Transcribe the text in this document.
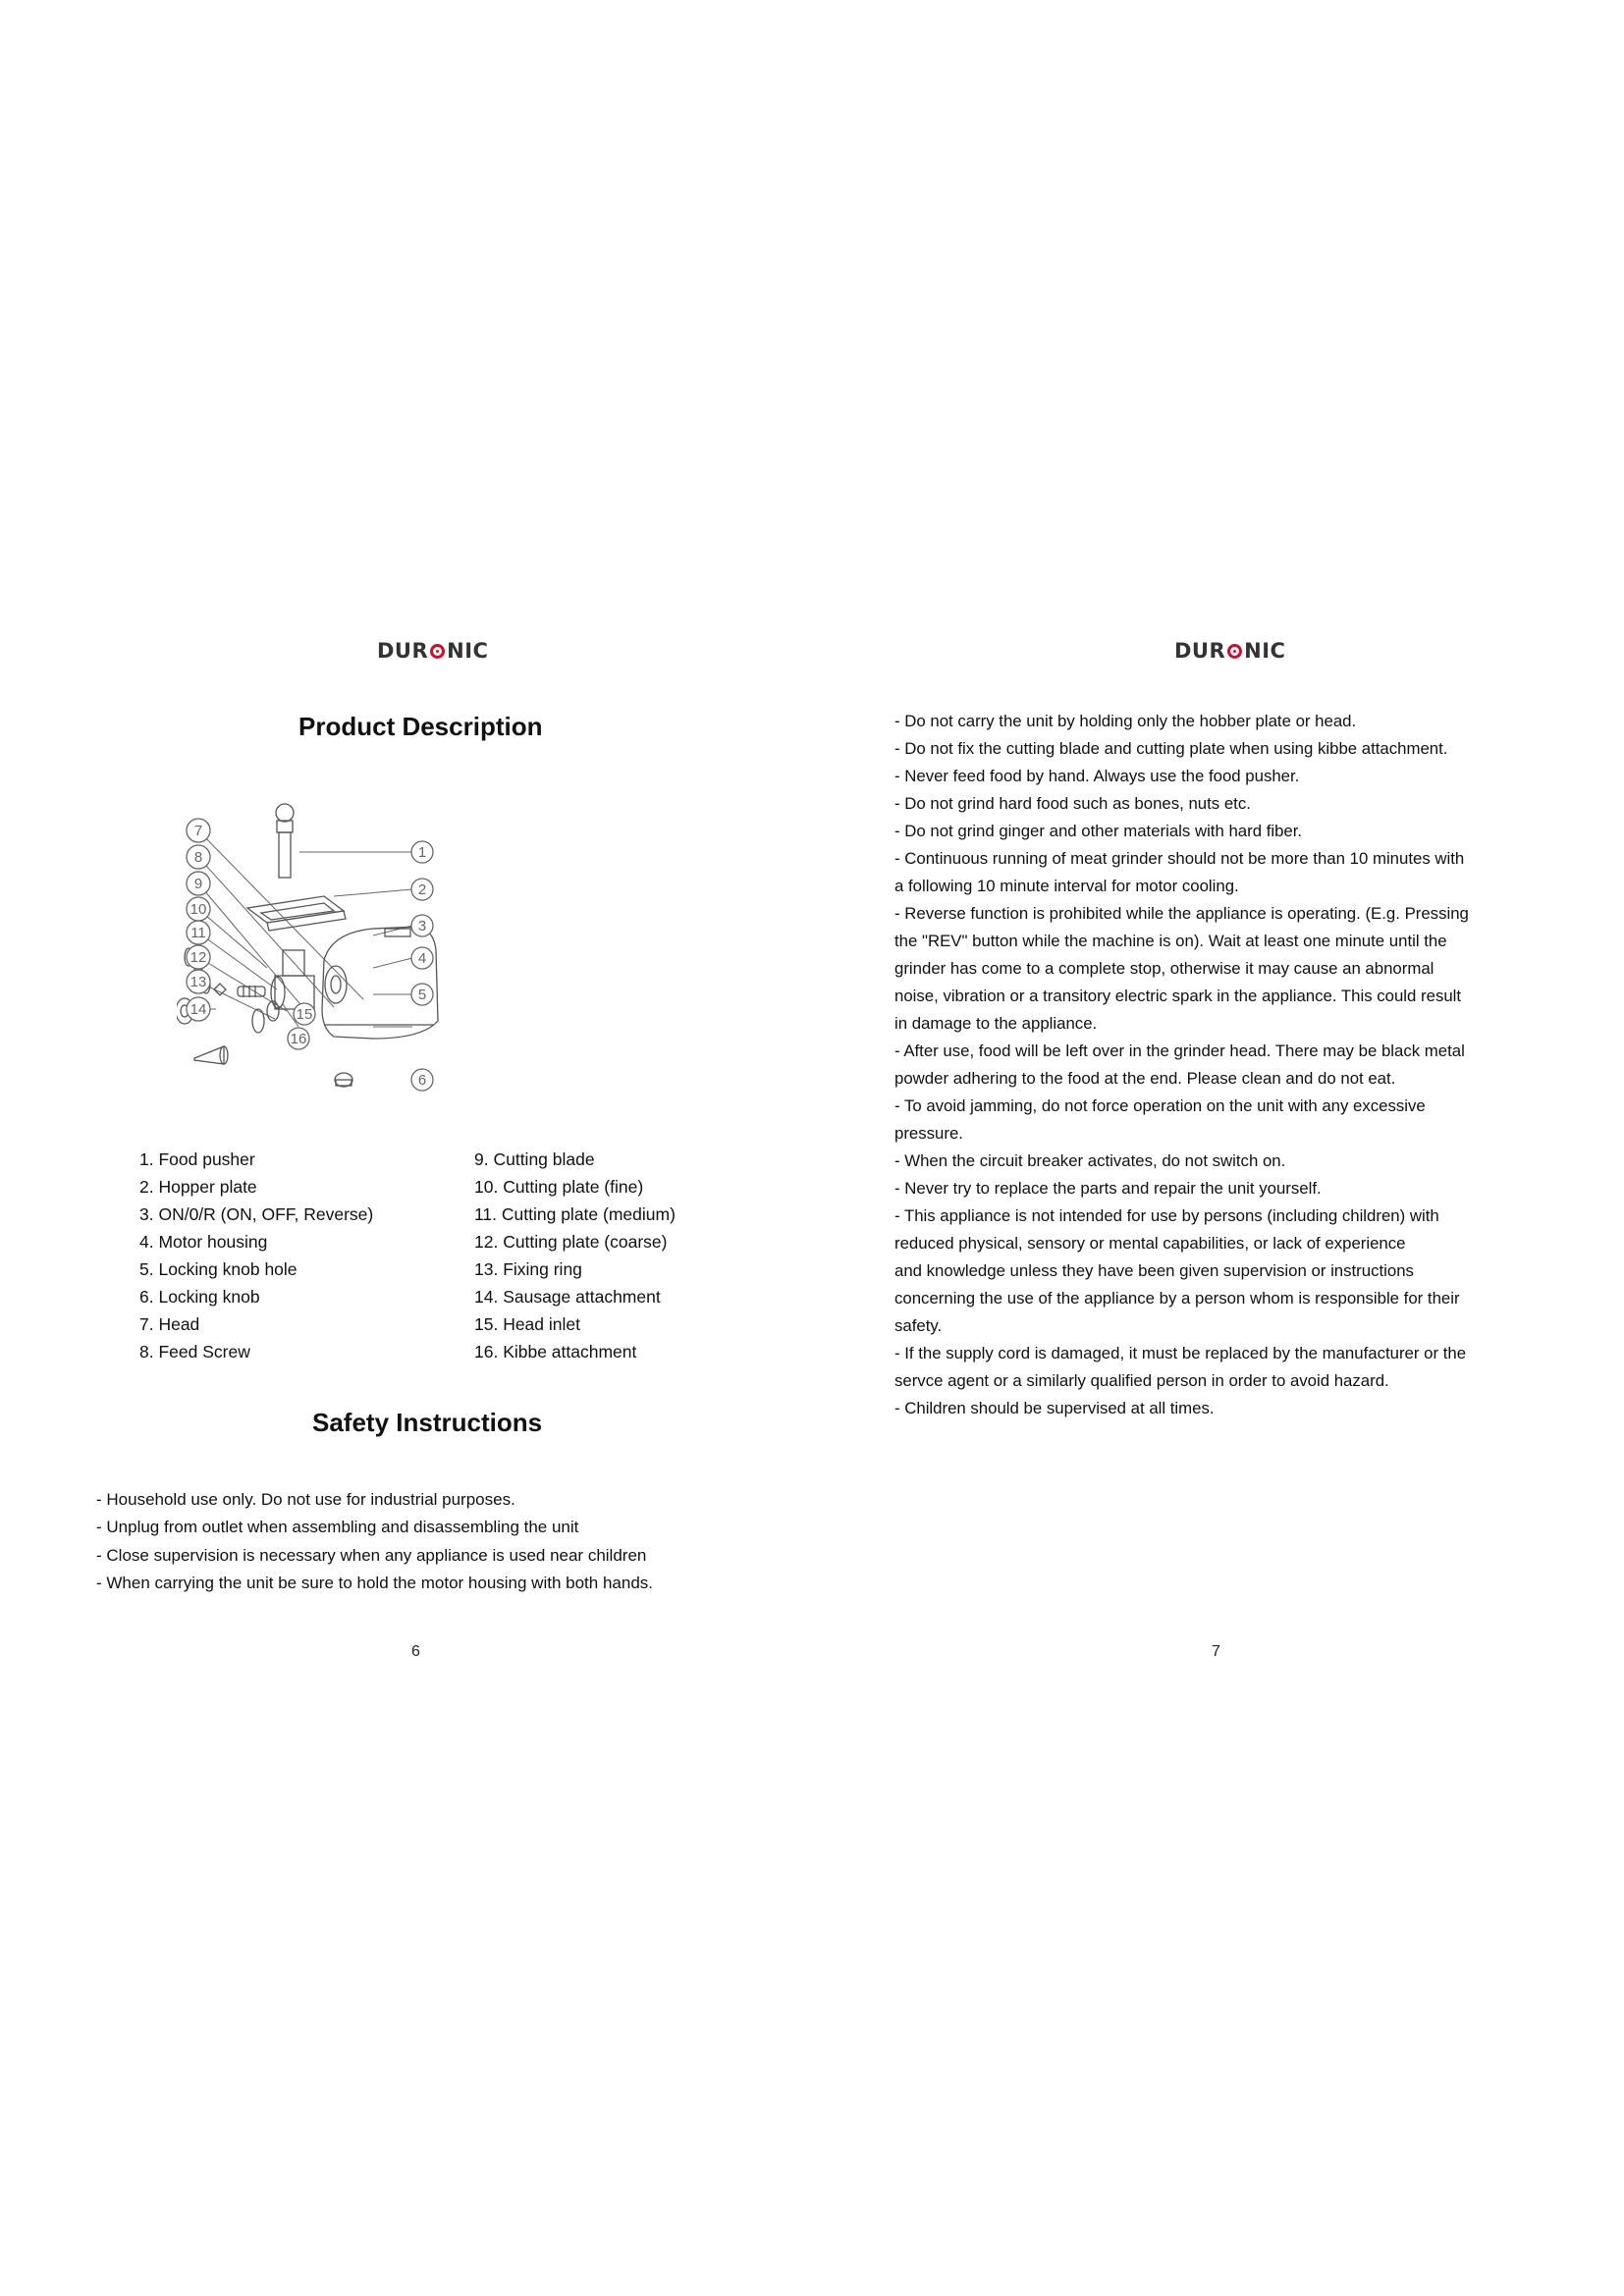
DUR NIC
Product Description
7
8
9
10
11
12
13
14
1
2
3
4
5
6
15
16
1. Food pusher
2. Hopper plate
3. ON/0/R (ON, OFF, Reverse)
4. Motor housing
5. Locking knob hole
6. Locking knob
7. Head
8. Feed Screw
9. Cutting blade
10. Cutting plate (fine)
11. Cutting plate (medium)
12. Cutting plate (coarse)
13. Fixing ring
14. Sausage attachment
15. Head inlet
16. Kibbe attachment
Safety Instructions
- Household use only. Do not use for industrial purposes.
- Unplug from outlet when assembling and disassembling the unit
- Close supervision is necessary when any appliance is used near children
- When carrying the unit be sure to hold the motor housing with both hands.
6
DUR NIC

- Do not carry the unit by holding only the hobber plate or head.

- Do not fix the cutting blade and cutting plate when using kibbe attachment.

- Never feed food by hand. Always use the food pusher.

- Do not grind hard food such as bones, nuts etc.

- Do not grind ginger and other materials with hard fiber.

- Continuous running of meat grinder should not be more than 10 minutes with

a following 10 minute interval for motor cooling.

- Reverse function is prohibited while the appliance is operating. (E.g. Pressing

the "REV" button while the machine is on). Wait at least one minute until the

grinder has come to a complete stop, otherwise it may cause an abnormal

noise, vibration or a transitory electric spark in the appliance. This could result

in damage to the appliance.

- After use, food will be left over in the grinder head. There may be black metal

powder adhering to the food at the end. Please clean and do not eat.

- To avoid jamming, do not force operation on the unit with any excessive

pressure.

- When the circuit breaker activates, do not switch on.

- Never try to replace the parts and repair the unit yourself.

- This appliance is not intended for use by persons (including children) with

reduced physical, sensory or mental capabilities, or lack of experience

and knowledge unless they have been given supervision or instructions

concerning the use of the appliance by a person whom is responsible for their

safety.

- If the supply cord is damaged, it must be replaced by the manufacturer or the

servce agent or a similarly qualified person in order to avoid hazard.

- Children should be supervised at all times.

7
